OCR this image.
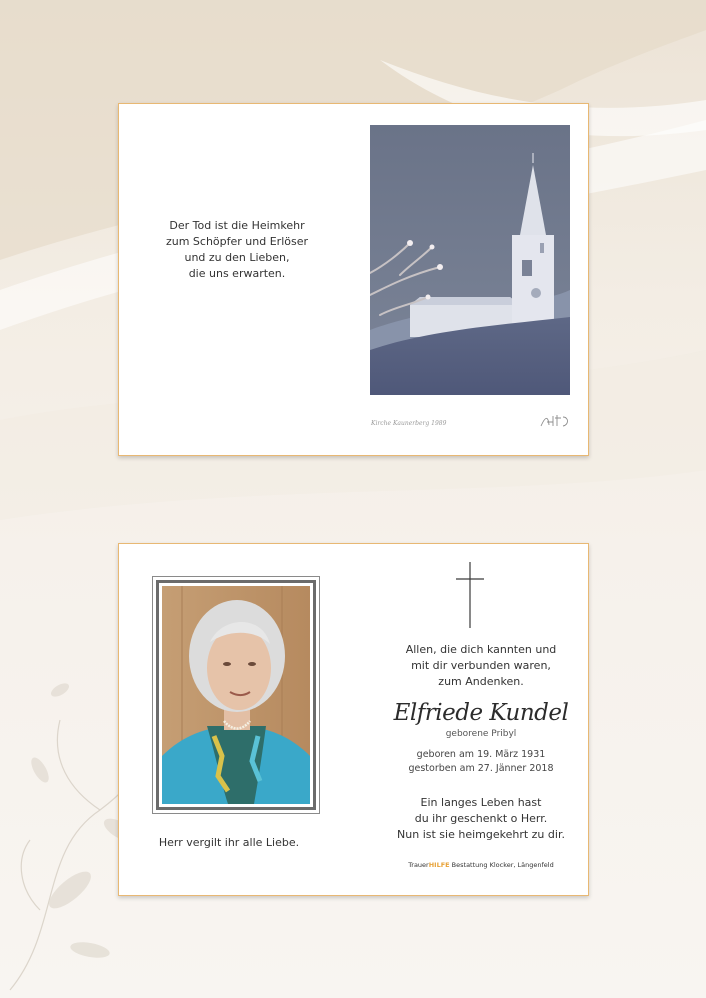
Der Tod ist die Heimkehr
zum Schöpfer und Erlöser
und zu den Lieben,
die uns erwarten.
Kirche Kaunerberg 1989
Herr vergilt ihr alle Liebe.
Allen, die dich kannten und
mit dir verbunden waren,
zum Andenken.
Elfriede Kundel
geborene Pribyl
geboren am 19. März 1931
gestorben am 27. Jänner 2018
Ein langes Leben hast
du ihr geschenkt o Herr.
Nun ist sie heimgekehrt zu dir.
TrauerHILFE Bestattung Klocker, Längenfeld
